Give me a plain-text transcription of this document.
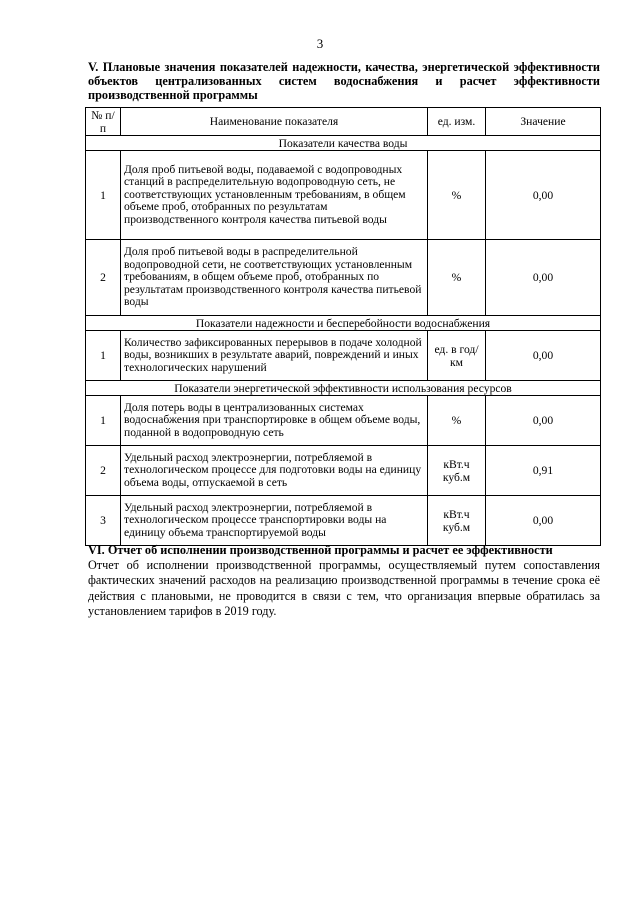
3
V. Плановые значения показателей надежности, качества, энергетической эффективности объектов централизованных систем водоснабжения и расчет эффективности производственной программы
№ п/п	Наименование показателя	ед. изм.	Значение
Показатели качества воды			
1	Доля проб питьевой воды, подаваемой с водопроводных станций в распределительную водопроводную сеть, не соответствующих установленным требованиям, в общем объеме проб, отобранных по результатам производственного контроля качества питьевой воды	%	0,00
2	Доля проб питьевой воды в распределительной водопроводной сети, не соответствующих установленным требованиям, в общем объеме проб, отобранных по результатам производственного контроля качества питьевой воды	%	0,00
Показатели надежности и бесперебойности водоснабжения			
1	Количество зафиксированных перерывов в подаче холодной воды, возникших в результате аварий, повреждений и иных технологических нарушений	ед. в год/ км	0,00
Показатели энергетической эффективности использования ресурсов			
1	Доля потерь воды в централизованных системах водоснабжения при транспортировке в общем объеме воды, поданной в водопроводную сеть	%	0,00
2	Удельный расход электроэнергии, потребляемой в технологическом процессе для подготовки воды на единицу объема воды, отпускаемой в сеть	кВт.ч куб.м	0,91
3	Удельный расход электроэнергии, потребляемой в технологическом процессе транспортировки воды на единицу объема транспортируемой воды	кВт.ч куб.м	0,00
VI. Отчет об исполнении производственной программы и расчет ее эффективности
Отчет об исполнении производственной программы, осуществляемый путем сопоставления фактических значений расходов на реализацию производственной программы в течение срока её действия с плановыми, не проводится в связи с тем, что организация впервые обратилась за установлением тарифов в 2019 году.
